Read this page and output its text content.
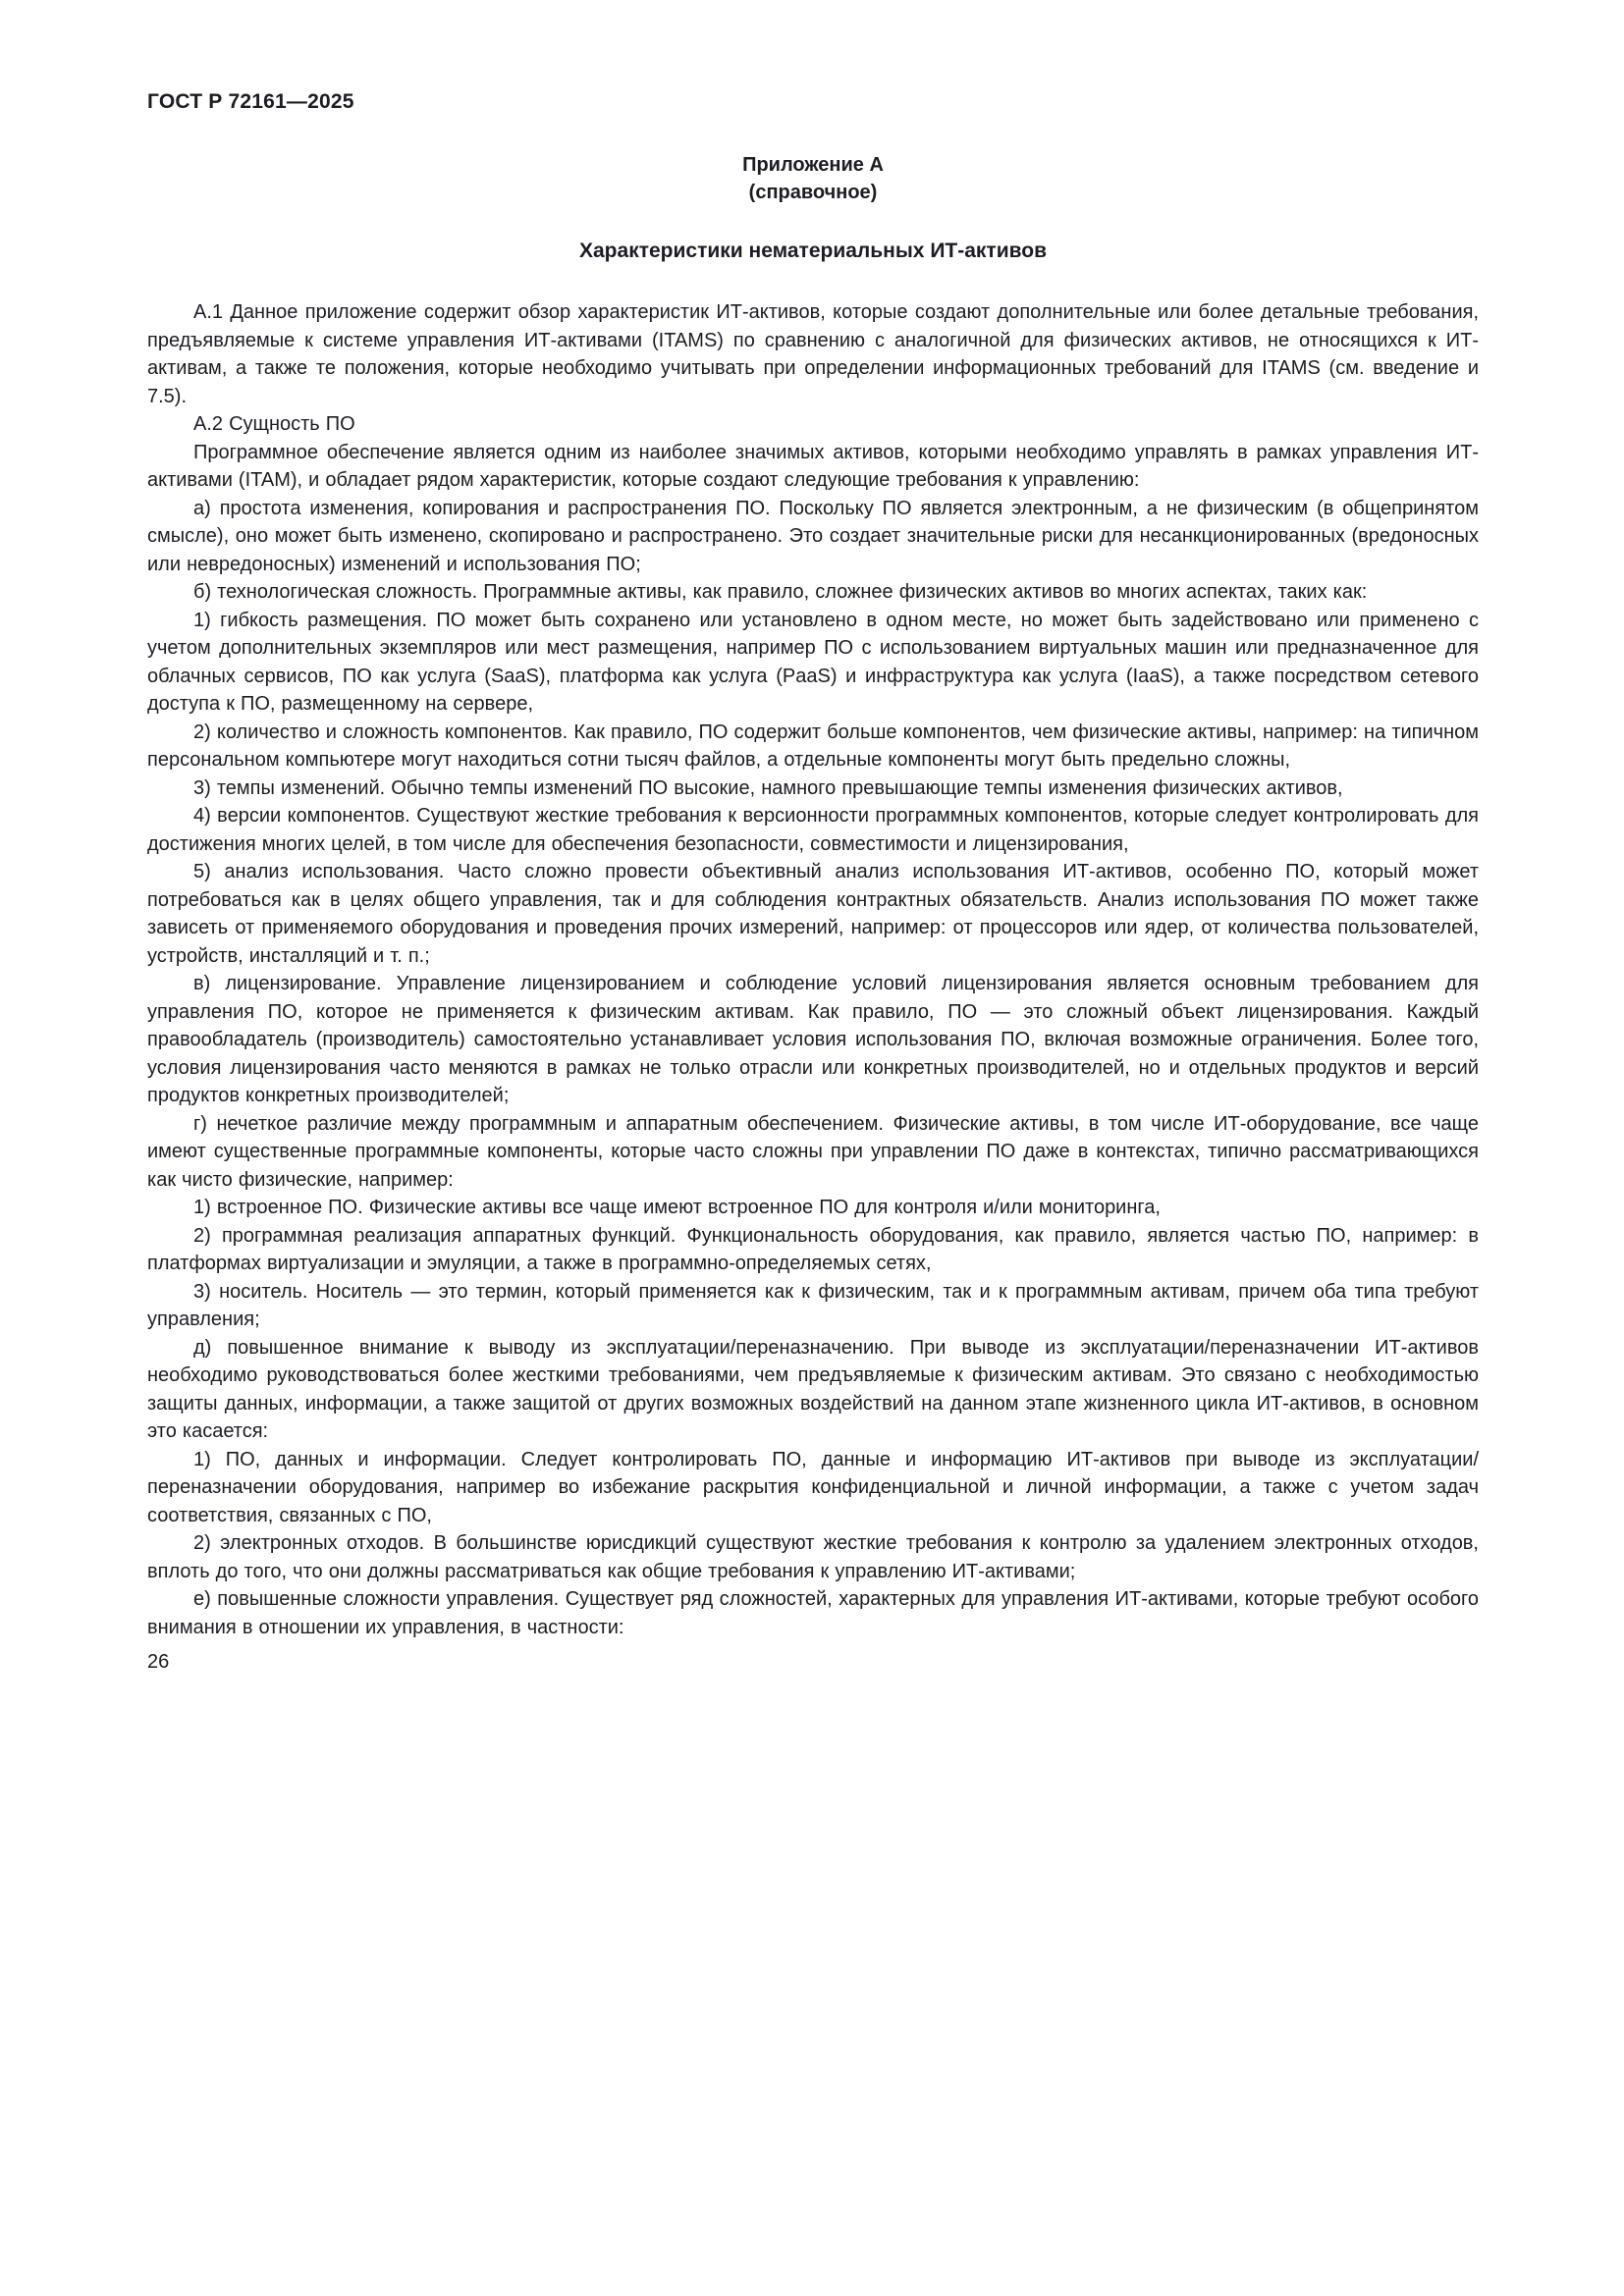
ГОСТ Р 72161—2025
Приложение А
(справочное)
Характеристики нематериальных ИТ-активов

А.1 Данное приложение содержит обзор характеристик ИТ-активов, которые создают дополнительные или более детальные требования, предъявляемые к системе управления ИТ-активами (ITAMS) по сравнению с аналогичной для физических активов, не относящихся к ИТ-активам, а также те положения, которые необходимо учитывать при определении информационных требований для ITAMS (см. введение и 7.5).

А.2 Сущность ПО

Программное обеспечение является одним из наиболее значимых активов, которыми необходимо управлять в рамках управления ИТ-активами (ITAM), и обладает рядом характеристик, которые создают следующие требования к управлению:

а) простота изменения, копирования и распространения ПО. Поскольку ПО является электронным, а не физическим (в общепринятом смысле), оно может быть изменено, скопировано и распространено. Это создает значительные риски для несанкционированных (вредоносных или невредоносных) изменений и использования ПО;

б) технологическая сложность. Программные активы, как правило, сложнее физических активов во многих аспектах, таких как:

1) гибкость размещения. ПО может быть сохранено или установлено в одном месте, но может быть задействовано или применено с учетом дополнительных экземпляров или мест размещения, например ПО с использованием виртуальных машин или предназначенное для облачных сервисов, ПО как услуга (SaaS), платформа как услуга (PaaS) и инфраструктура как услуга (IaaS), а также посредством сетевого доступа к ПО, размещенному на сервере,

2) количество и сложность компонентов. Как правило, ПО содержит больше компонентов, чем физические активы, например: на типичном персональном компьютере могут находиться сотни тысяч файлов, а отдельные компоненты могут быть предельно сложны,

3) темпы изменений. Обычно темпы изменений ПО высокие, намного превышающие темпы изменения физических активов,

4) версии компонентов. Существуют жесткие требования к версионности программных компонентов, которые следует контролировать для достижения многих целей, в том числе для обеспечения безопасности, совместимости и лицензирования,

5) анализ использования. Часто сложно провести объективный анализ использования ИТ-активов, особенно ПО, который может потребоваться как в целях общего управления, так и для соблюдения контрактных обязательств. Анализ использования ПО может также зависеть от применяемого оборудования и проведения прочих измерений, например: от процессоров или ядер, от количества пользователей, устройств, инсталляций и т. п.;

в) лицензирование. Управление лицензированием и соблюдение условий лицензирования является основным требованием для управления ПО, которое не применяется к физическим активам. Как правило, ПО — это сложный объект лицензирования. Каждый правообладатель (производитель) самостоятельно устанавливает условия использования ПО, включая возможные ограничения. Более того, условия лицензирования часто меняются в рамках не только отрасли или конкретных производителей, но и отдельных продуктов и версий продуктов конкретных производителей;

г) нечеткое различие между программным и аппаратным обеспечением. Физические активы, в том числе ИТ-оборудование, все чаще имеют существенные программные компоненты, которые часто сложны при управлении ПО даже в контекстах, типично рассматривающихся как чисто физические, например:

1) встроенное ПО. Физические активы все чаще имеют встроенное ПО для контроля и/или мониторинга,

2) программная реализация аппаратных функций. Функциональность оборудования, как правило, является частью ПО, например: в платформах виртуализации и эмуляции, а также в программно-определяемых сетях,

3) носитель. Носитель — это термин, который применяется как к физическим, так и к программным активам, причем оба типа требуют управления;

д) повышенное внимание к выводу из эксплуатации/переназначению. При выводе из эксплуатации/переназначении ИТ-активов необходимо руководствоваться более жесткими требованиями, чем предъявляемые к физическим активам. Это связано с необходимостью защиты данных, информации, а также защитой от других возможных воздействий на данном этапе жизненного цикла ИТ-активов, в основном это касается:

1) ПО, данных и информации. Следует контролировать ПО, данные и информацию ИТ-активов при выводе из эксплуатации/переназначении оборудования, например во избежание раскрытия конфиденциальной и личной информации, а также с учетом задач соответствия, связанных с ПО,

2) электронных отходов. В большинстве юрисдикций существуют жесткие требования к контролю за удалением электронных отходов, вплоть до того, что они должны рассматриваться как общие требования к управлению ИТ-активами;

е) повышенные сложности управления. Существует ряд сложностей, характерных для управления ИТ-активами, которые требуют особого внимания в отношении их управления, в частности:

26
